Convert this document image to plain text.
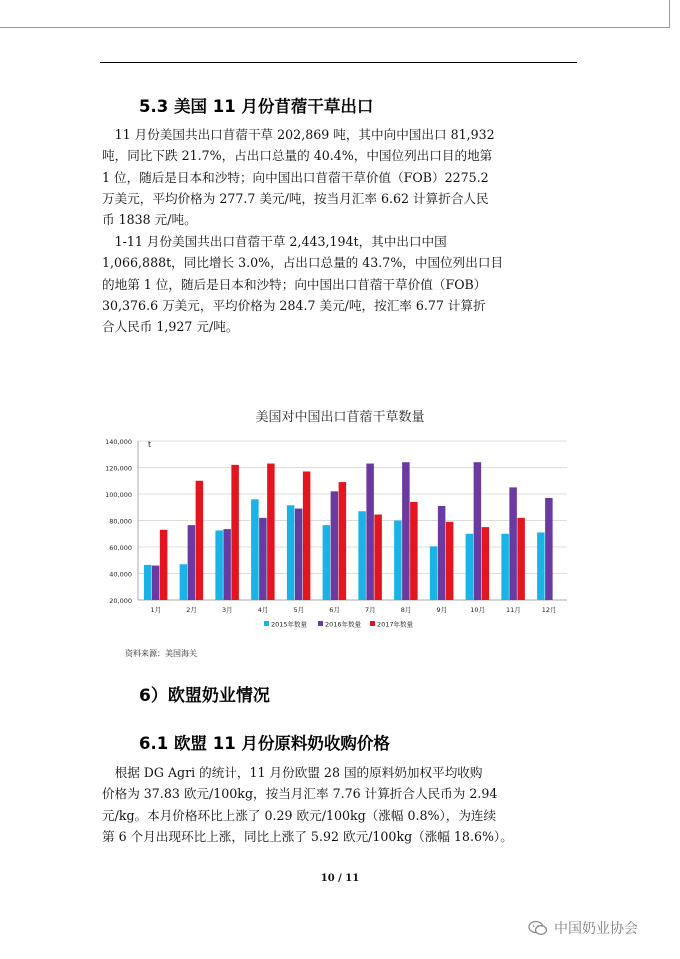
5.3 美国 11 月份苜蓿干草出口
　11 月份美国共出口苜蓿干草 202,869 吨，其中向中国出口 81,932
吨，同比下跌 21.7%，占出口总量的 40.4%，中国位列出口目的地第
1 位，随后是日本和沙特；向中国出口苜蓿干草价值（FOB）2275.2
万美元，平均价格为 277.7 美元/吨，按当月汇率 6.62 计算折合人民
币 1838 元/吨。
　1-11 月份美国共出口苜蓿干草 2,443,194t，其中出口中国
1,066,888t，同比增长 3.0%，占出口总量的 43.7%，中国位列出口目
的地第 1 位，随后是日本和沙特；向中国出口苜蓿干草价值（FOB）
30,376.6 万美元，平均价格为 284.7 美元/吨，按汇率 6.77 计算折
合人民币 1,927 元/吨。
美国对中国出口苜蓿干草数量
20,000
40,000
60,000
80,000
100,000
120,000
140,000
1月	2月	3月	4月	5月	6月	7月	8月	9月	10月	11月	12月
2015年数量	2016年数量 2017年数量
t
资料来源：美国海关
6）欧盟奶业情况
6.1 欧盟 11 月份原料奶收购价格
　根据 DG Agri 的统计，11 月份欧盟 28 国的原料奶加权平均收购
价格为 37.83 欧元/100kg，按当月汇率 7.76 计算折合人民币为 2.94
元/kg。本月价格环比上涨了 0.29 欧元/100kg（涨幅 0.8%），为连续
第 6 个月出现环比上涨，同比上涨了 5.92 欧元/100kg（涨幅 18.6%）。
10 / 11
中国奶业协会
